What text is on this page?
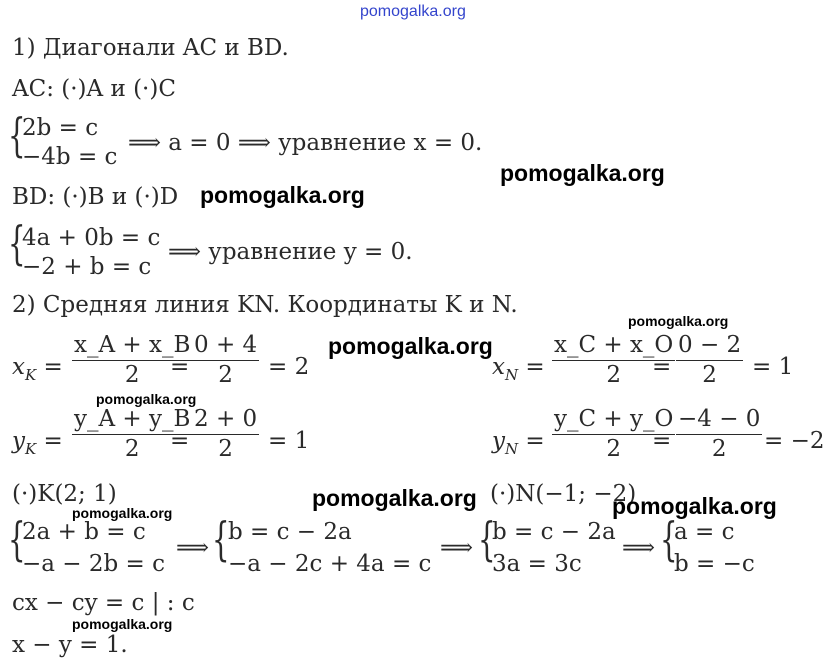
pomogalka.org
1) Диагонали AC и BD.
AC: (·)A и (·)C
{
2b = c
−4b = c
⟹ a = 0 ⟹ уравнение x = 0.
BD: (·)B и (·)D
{
4a + 0b = c
−2 + b = c
⟹ уравнение y = 0.
2) Средняя линия KN. Координаты K и N.
$x_K$ =
x_A + x_B
2 =
0 + 4
2 = 2	$x_N$ =
x_C + x_O
2 =
0 − 2
2 = 1
$y_K$ =
y_A + y_B
2 =
2 + 0
2 = 1	$y_N$ =
y_C + y_O
2 =
−4 − 0
2 = −2
(·)K(2; 1)	(·)N(−1; −2)
{
2a + b = c
−a − 2b = c
⟹ {
b = c − 2a
−a − 2c + 4a = c
⟹ {
b = c − 2a
3a = 3c
⟹ {
a = c
b = −c
cx − cy = c | : c
x − y = 1.
pomogalka.org
pomogalka.org
pomogalka.org
pomogalka.org
pomogalka.org
pomogalka.org	pomogalka.org
pomogalka.org
pomogalka.org
